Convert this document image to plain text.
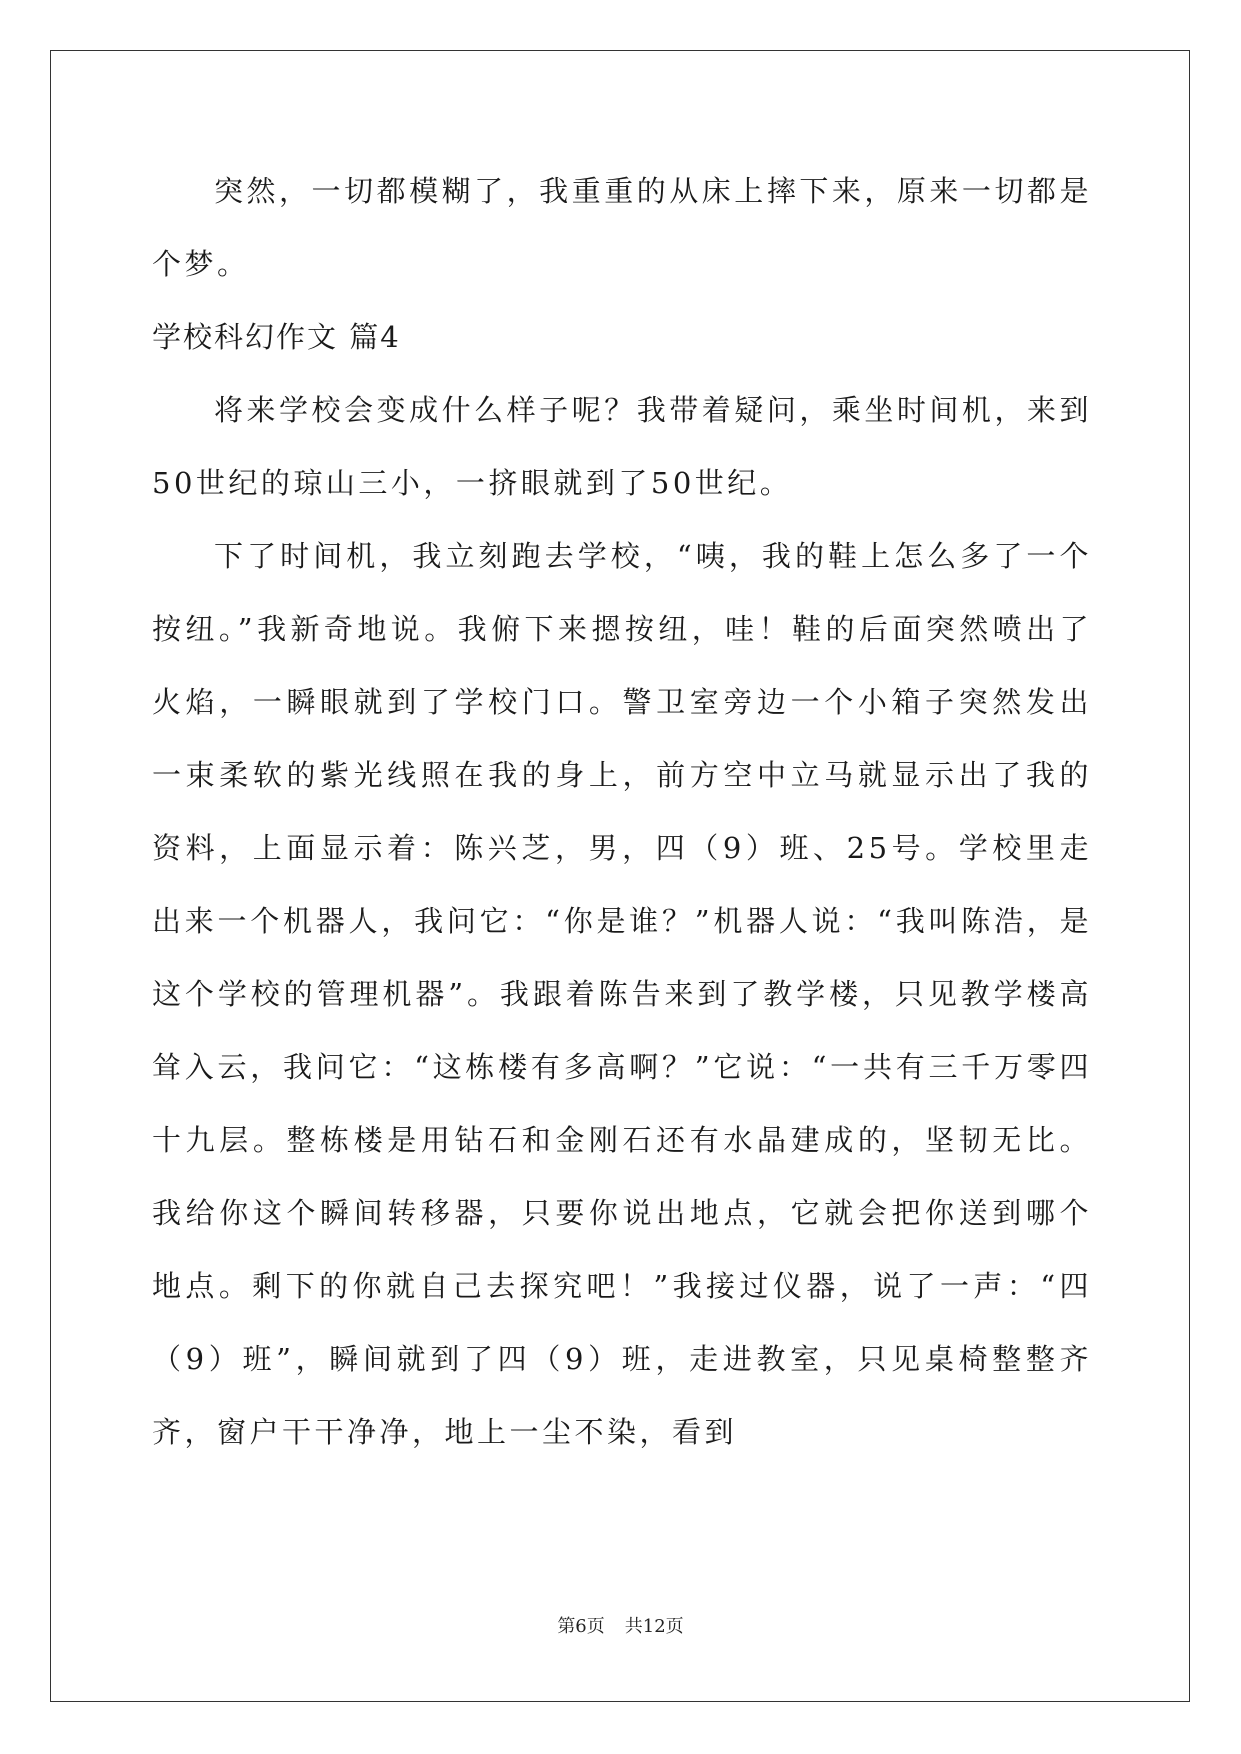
突然，一切都模糊了，我重重的从床上摔下来，原来一切都是个梦。

学校科幻作文 篇4

将来学校会变成什么样子呢？我带着疑问，乘坐时间机，来到50世纪的琼山三小，一挤眼就到了50世纪。

下了时间机，我立刻跑去学校，“咦，我的鞋上怎么多了一个按纽。”我新奇地说。我俯下来摁按纽，哇！鞋的后面突然喷出了火焰，一瞬眼就到了学校门口。警卫室旁边一个小箱子突然发出一束柔软的紫光线照在我的身上，前方空中立马就显示出了我的资料，上面显示着：陈兴芝，男，四（9）班、25号。学校里走出来一个机器人，我问它：“你是谁？”机器人说：“我叫陈浩，是这个学校的管理机器”。我跟着陈告来到了教学楼，只见教学楼高耸入云，我问它：“这栋楼有多高啊？”它说：“一共有三千万零四十九层。整栋楼是用钻石和金刚石还有水晶建成的，坚韧无比。我给你这个瞬间转移器，只要你说出地点，它就会把你送到哪个地点。剩下的你就自己去探究吧！”我接过仪器，说了一声：“四（9）班”，瞬间就到了四（9）班，走进教室，只见桌椅整整齐齐，窗户干干净净，地上一尘不染，看到

第6页 共12页
